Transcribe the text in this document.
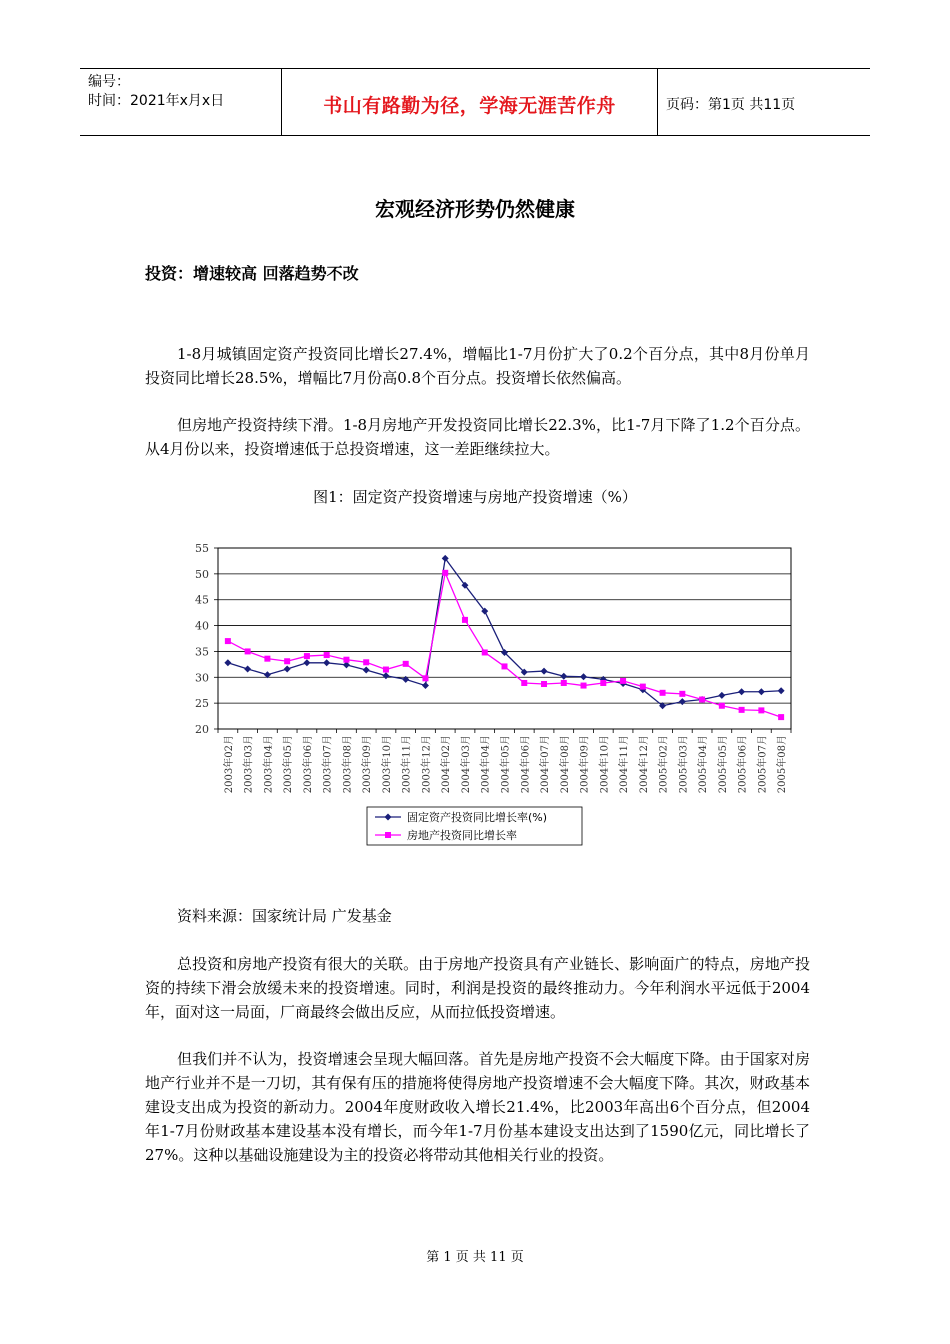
编号：
时间：2021年x月x日	书山有路勤为径，学海无涯苦作舟	页码：第1页 共11页
宏观经济形势仍然健康
投资：增速较高 回落趋势不改

1-8月城镇固定资产投资同比增长27.4%，增幅比1-7月份扩大了0.2个百分点，其中8月份单月投资同比增长28.5%，增幅比7月份高0.8个百分点。投资增长依然偏高。

但房地产投资持续下滑。1-8月房地产开发投资同比增长22.3%，比1-7月下降了1.2个百分点。从4月份以来，投资增速低于总投资增速，这一差距继续拉大。

图1：固定资产投资增速与房地产投资增速（%）
20
25
30
35
40
45
50
55
2003年02月 2003年03月 2003年04月 2003年05月 2003年06月 2003年07月 2003年08月 2003年09月 2003年10月 2003年11月 2003年12月 2004年02月 2004年03月 2004年04月 2004年05月 2004年06月 2004年07月 2004年08月 2004年09月 2004年10月 2004年11月 2004年12月 2005年02月 2005年03月 2005年04月 2005年05月 2005年06月 2005年07月 2005年08月
固定资产投资同比增长率(%)
房地产投资同比增长率
资料来源：国家统计局 广发基金

总投资和房地产投资有很大的关联。由于房地产投资具有产业链长、影响面广的特点，房地产投资的持续下滑会放缓未来的投资增速。同时，利润是投资的最终推动力。今年利润水平远低于2004年，面对这一局面，厂商最终会做出反应，从而拉低投资增速。

但我们并不认为，投资增速会呈现大幅回落。首先是房地产投资不会大幅度下降。由于国家对房地产行业并不是一刀切，其有保有压的措施将使得房地产投资增速不会大幅度下降。其次，财政基本建设支出成为投资的新动力。2004年度财政收入增长21.4%，比2003年高出6个百分点，但2004年1-7月份财政基本建设基本没有增长，而今年1-7月份基本建设支出达到了1590亿元，同比增长了27%。这种以基础设施建设为主的投资必将带动其他相关行业的投资。

第 1 页 共 11 页
